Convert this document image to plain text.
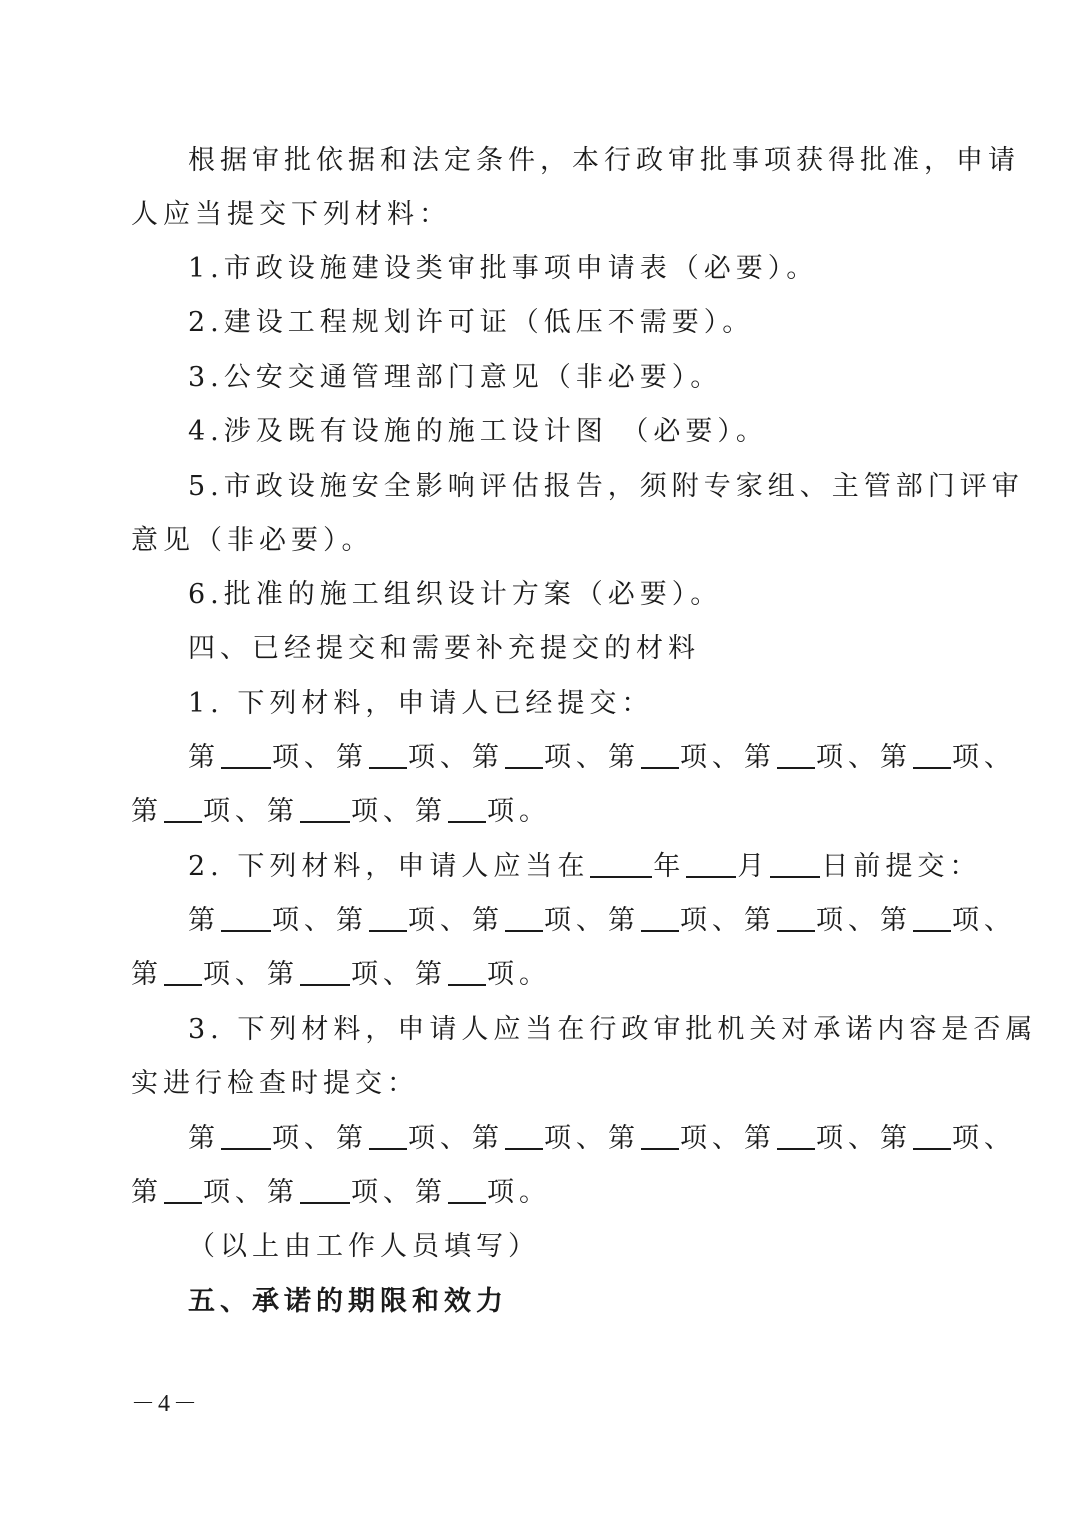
根据审批依据和法定条件，本行政审批事项获得批准，申请
人应当提交下列材料：
1.市政设施建设类审批事项申请表（必要）。
2.建设工程规划许可证（低压不需要）。
3.公安交通管理部门意见（非必要）。
4.涉及既有设施的施工设计图 （必要）。
5.市政设施安全影响评估报告，须附专家组、主管部门评审
意见（非必要）。
6.批准的施工组织设计方案（必要）。
四、已经提交和需要补充提交的材料
1. 下列材料，申请人已经提交：
第 项、第 项、第 项、第 项、第 项、第 项、
第 项、第 项、第 项。
2. 下列材料，申请人应当在 年 月 日前提交：
第 项、第 项、第 项、第 项、第 项、第 项、
第 项、第 项、第 项。
3. 下列材料，申请人应当在行政审批机关对承诺内容是否属
实进行检查时提交：
第 项、第 项、第 项、第 项、第 项、第 项、
第 项、第 项、第 项。
（以上由工作人员填写）
五、承诺的期限和效力
－4－
